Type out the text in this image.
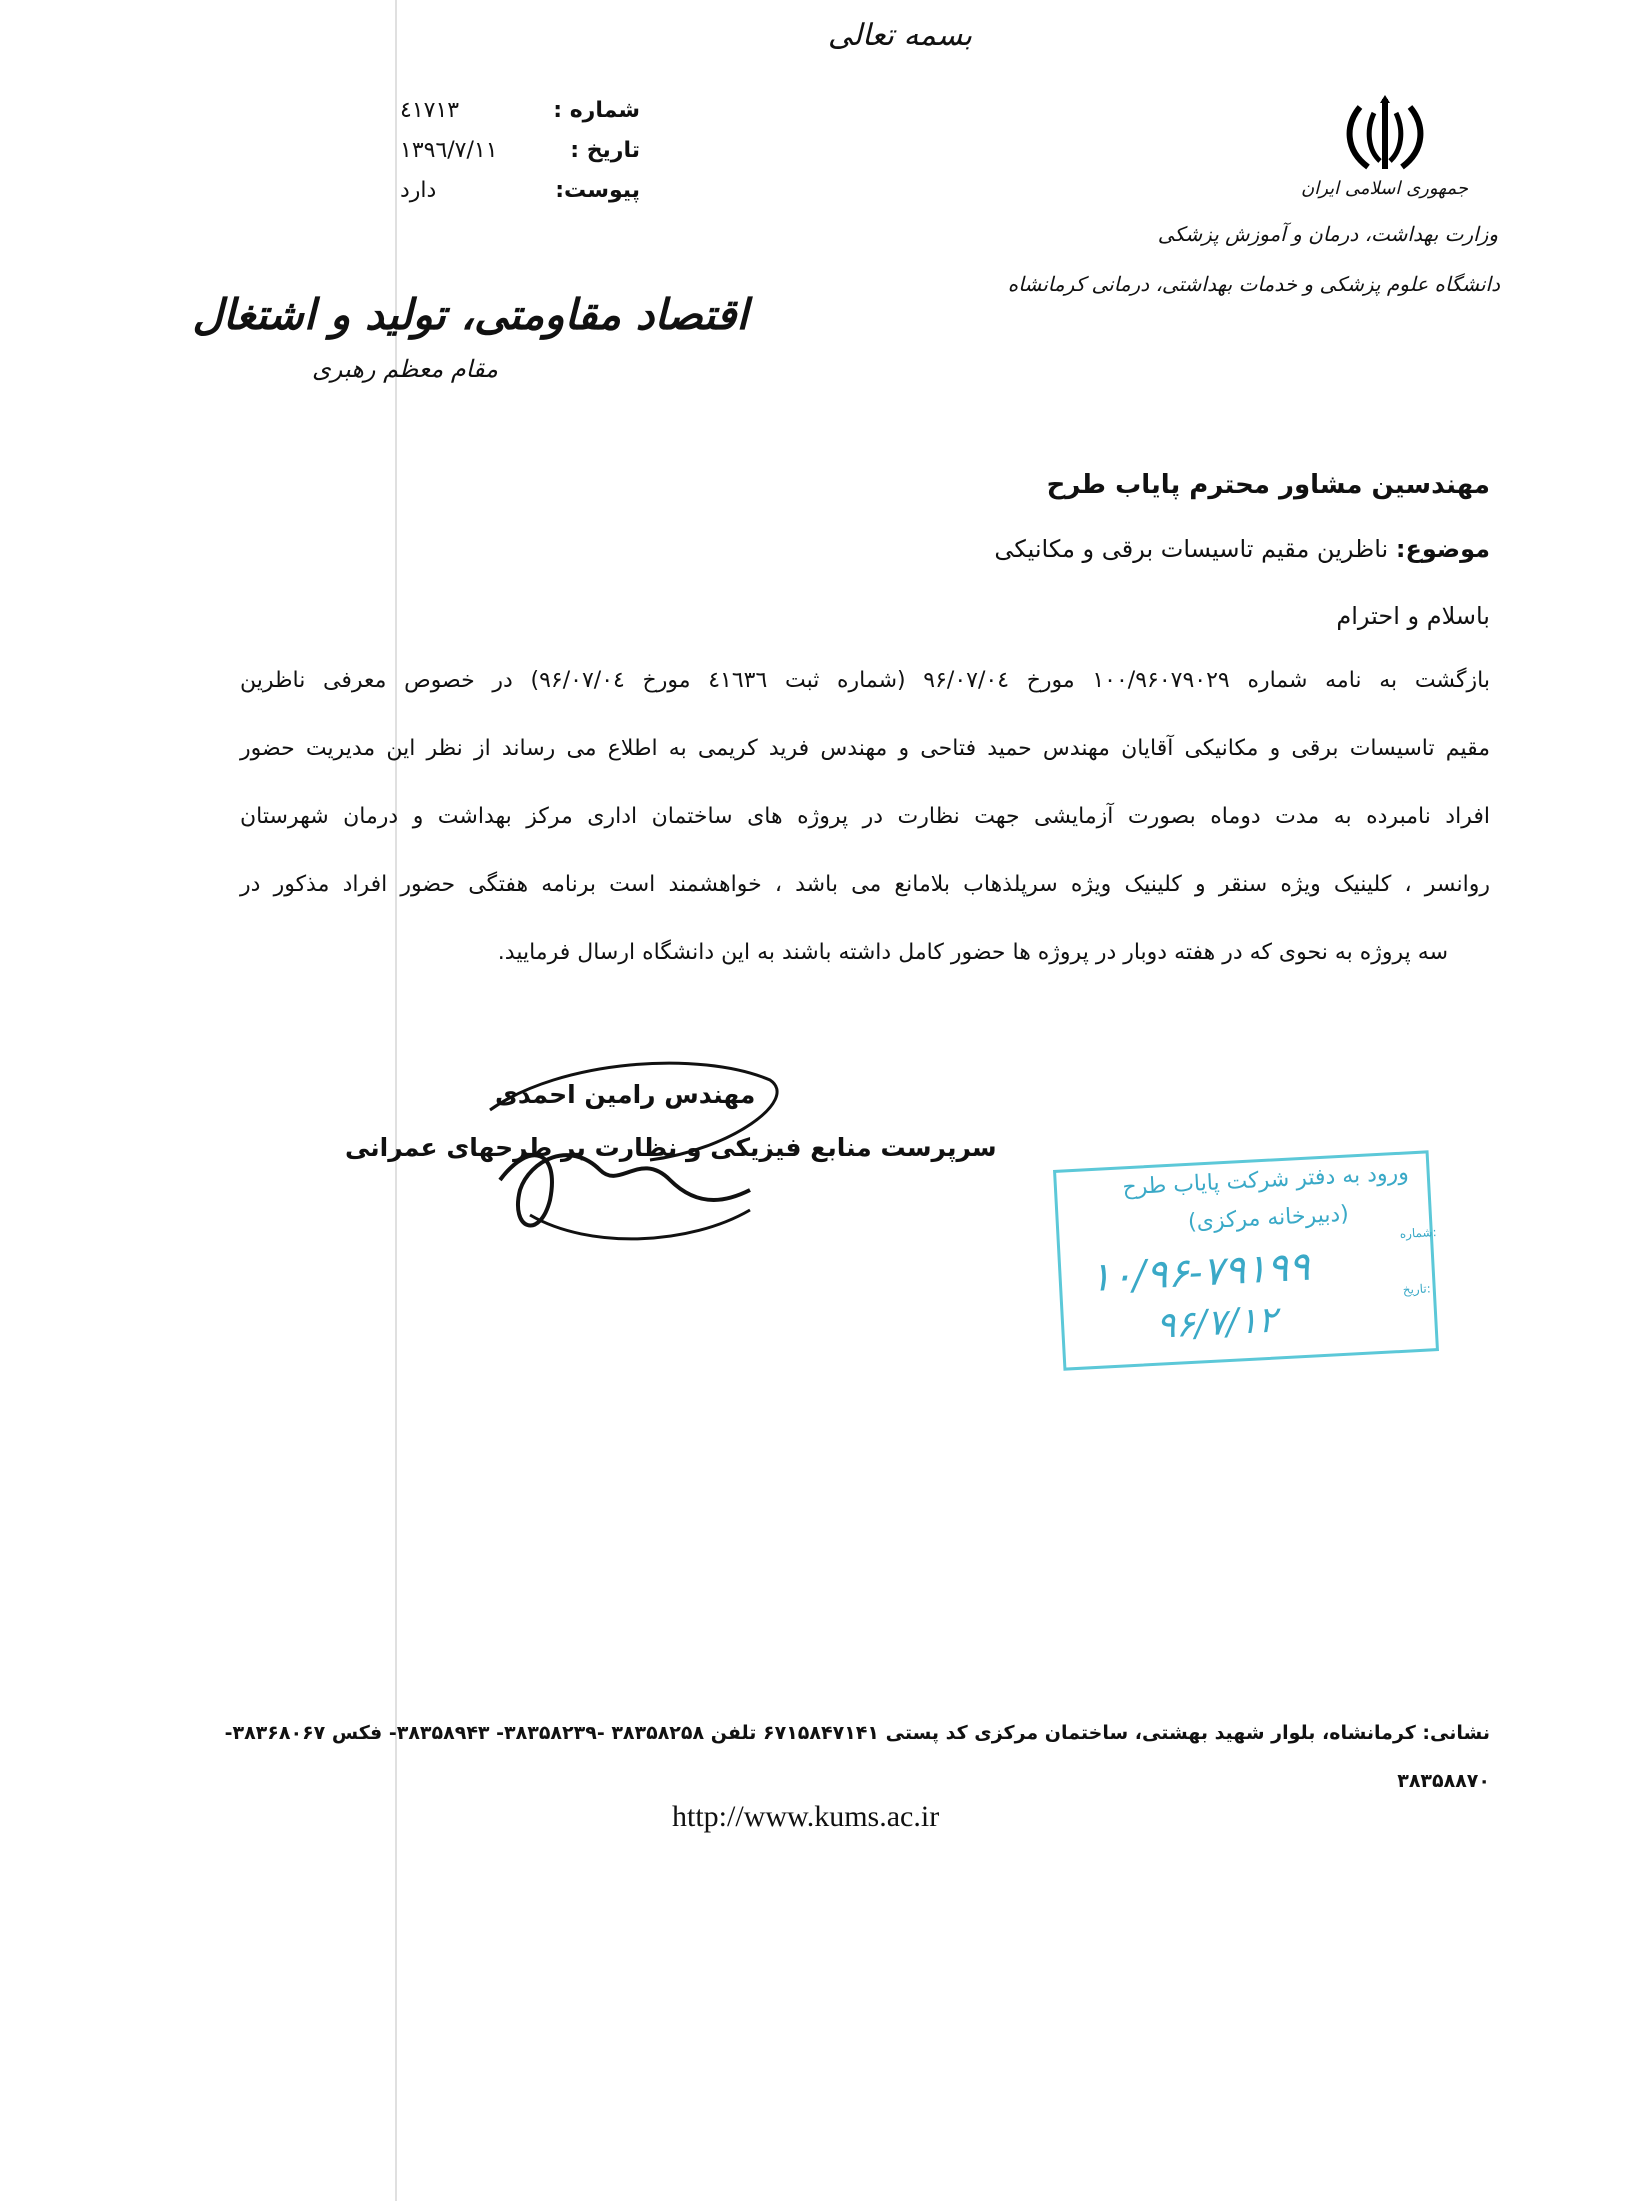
بسمه تعالی
شماره :
٤١٧١٣
تاریخ :
١٣٩٦/٧/١١
پیوست:
دارد	جمهوری اسلامی ایران
وزارت بهداشت، درمان و آموزش پزشکی
دانشگاه علوم پزشکی و خدمات بهداشتی، درمانی کرمانشاه
اقتصاد مقاومتی، تولید و اشتغال
مقام معظم رهبری
مهندسین مشاور محترم پایاب طرح
موضوع: ناظرین مقیم تاسیسات برقی و مکانیکی
باسلام و احترام
بازگشت به نامه شماره ۱۰۰/۹۶۰۷۹۰۲۹ مورخ ۹۶/۰۷/۰٤ (شماره ثبت ٤١٦٣٦ مورخ ۹۶/۰۷/۰٤) در خصوص معرفی ناظرین
مقیم تاسیسات برقی و مکانیکی آقایان مهندس حمید فتاحی و مهندس فرید کریمی به اطلاع می رساند از نظر این مدیریت حضور
افراد نامبرده به مدت دوماه بصورت آزمایشی جهت نظارت در پروژه های ساختمان اداری مرکز بهداشت و درمان شهرستان
روانسر ، کلینیک ویژه سنقر و کلینیک ویژه سرپلذهاب بلامانع می باشد ، خواهشمند است برنامه هفتگی حضور افراد مذکور در
سه پروژه به نحوی که در هفته دوبار در پروژه ها حضور کامل داشته باشند به این دانشگاه ارسال فرمایید.
مهندس رامین احمدی
سرپرست منابع فیزیکی و نظارت بر طرحهای عمرانی
ورود به دفتر شرکت پایاب طرح
(دبیرخانه مرکزی)
۱۰/۹۶-۷۹۱۹۹
۹۶/۷/۱۲
شماره:
تاریخ:
نشانی: کرمانشاه، بلوار شهید بهشتی، ساختمان مرکزی کد پستی ۶۷۱۵۸۴۷۱۴۱ تلفن ۳۸۳۵۸۲۵۸ -۳۸۳۵۸۲۳۹- ۳۸۳۵۸۹۴۳- فکس ۳۸۳۶۸۰۶۷-
۳۸۳۵۸۸۷۰
http://www.kums.ac.ir
